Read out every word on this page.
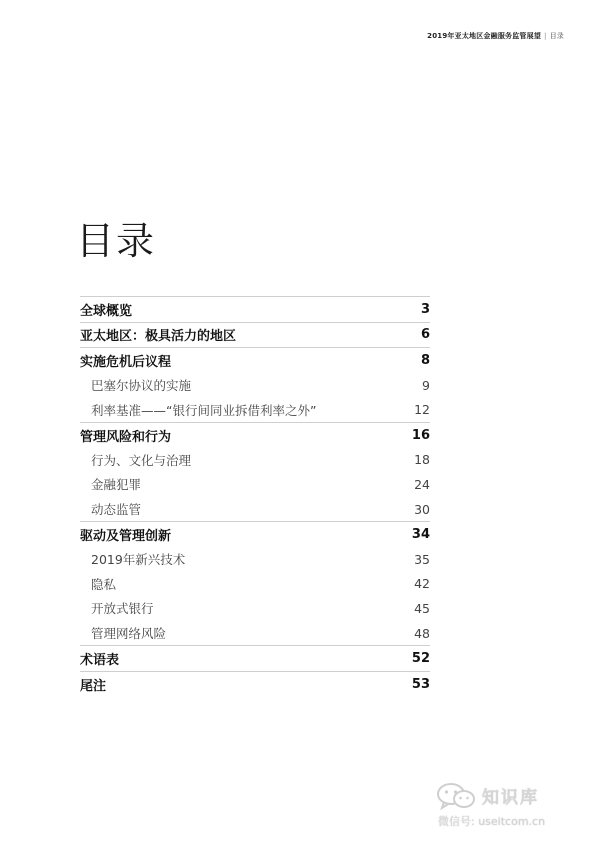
2019年亚太地区金融服务监管展望 | 目录
目录
全球概览	3
亚太地区：极具活力的地区	6
实施危机后议程	8
巴塞尔协议的实施	9
利率基准——“银行间同业拆借利率之外”	12
管理风险和行为	16
行为、文化与治理	18
金融犯罪	24
动态监管	30
驱动及管理创新	34
2019年新兴技术	35
隐私	42
开放式银行	45
管理网络风险	48
术语表	52
尾注	53
知识库
微信号: useitcom.cn
